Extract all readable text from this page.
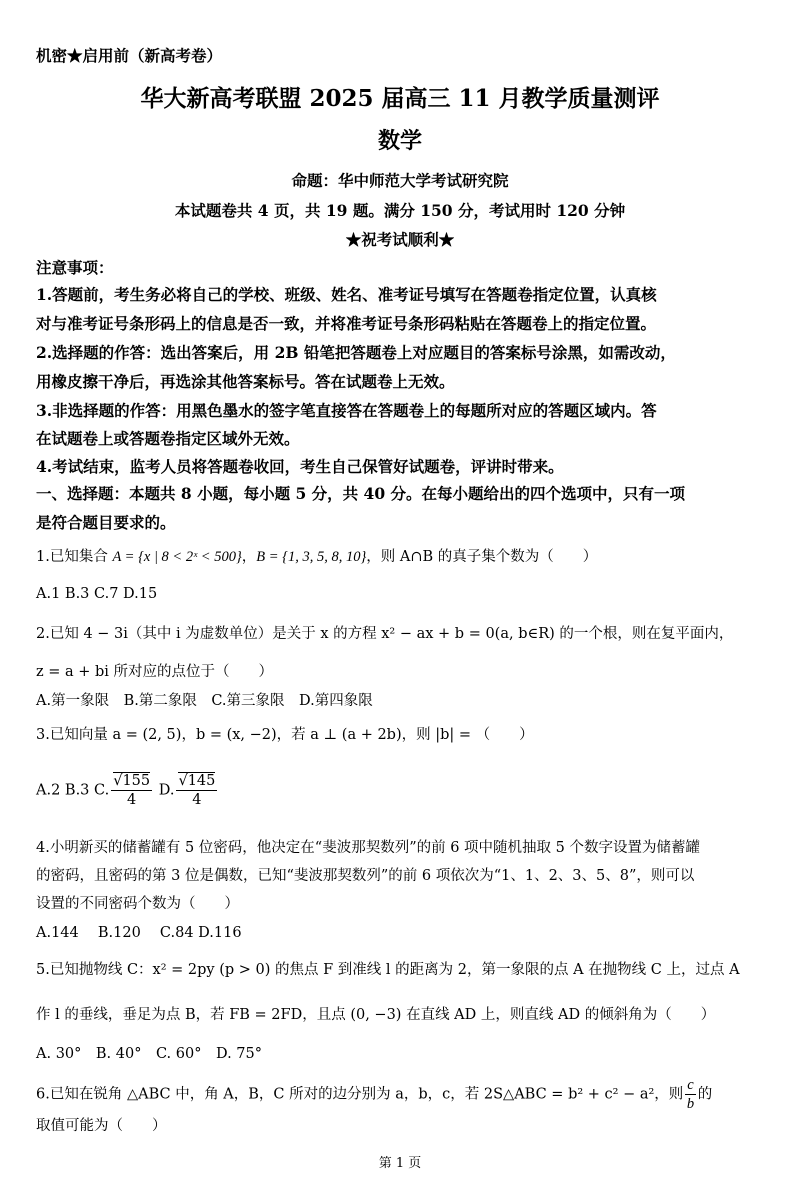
机密★启用前（新高考卷）
华大新高考联盟 2025 届高三 11 月教学质量测评
数学
命题：华中师范大学考试研究院
本试题卷共 4 页，共 19 题。满分 150 分，考试用时 120 分钟
★祝考试顺利★
注意事项：
1.答题前，考生务必将自己的学校、班级、姓名、准考证号填写在答题卷指定位置，认真核
对与准考证号条形码上的信息是否一致，并将准考证号条形码粘贴在答题卷上的指定位置。
2.选择题的作答：选出答案后，用 2B 铅笔把答题卷上对应题目的答案标号涂黑，如需改动，
用橡皮擦干净后，再选涂其他答案标号。答在试题卷上无效。
3.非选择题的作答：用黑色墨水的签字笔直接答在答题卷上的每题所对应的答题区域内。答
在试题卷上或答题卷指定区域外无效。
4.考试结束，监考人员将答题卷收回，考生自己保管好试题卷，评讲时带来。
一、选择题：本题共 8 小题，每小题 5 分，共 40 分。在每小题给出的四个选项中，只有一项
是符合题目要求的。
1.已知集合 A = {x | 8 < 2ˣ < 500}，B = {1, 3, 5, 8, 10}，则 A∩B 的真子集个数为（　　）
A.1 B.3 C.7 D.15
2.已知 4 − 3i（其中 i 为虚数单位）是关于 x 的方程 x² − ax + b = 0(a, b∈R) 的一个根，则在复平面内，
z = a + bi 所对应的点位于（　　）
A.第一象限　B.第二象限　C.第三象限　D.第四象限
3.已知向量 a = (2, 5)，b = (x, −2)，若 a ⊥ (a + 2b)，则 |b| = （　　）
A.2 B.3 C. $\frac{√155}{4} D$. $\frac{√145}{4}$
4.小明新买的储蓄罐有 5 位密码，他决定在“斐波那契数列”的前 6 项中随机抽取 5 个数字设置为储蓄罐
的密码，且密码的第 3 位是偶数，已知“斐波那契数列”的前 6 项依次为“1、1、2、3、5、8”，则可以
设置的不同密码个数为（　　）
A.144　 B.120　 C.84 D.116
5.已知抛物线 C：x² = 2py (p > 0) 的焦点 F 到准线 l 的距离为 2，第一象限的点 A 在抛物线 C 上，过点 A
作 l 的垂线，垂足为点 B，若 FB = 2FD，且点 (0, −3) 在直线 AD 上，则直线 AD 的倾斜角为（　　）
A. 30°　B. 40°　C. 60°　D. 75°
6.已知在锐角 △ABC 中，角 A，B，C 所对的边分别为 a，b，c，若 2S△ABC = b² + c² − a²，则 $\frac{c}{b}$ 的
取值可能为（　　）
第 1 页
